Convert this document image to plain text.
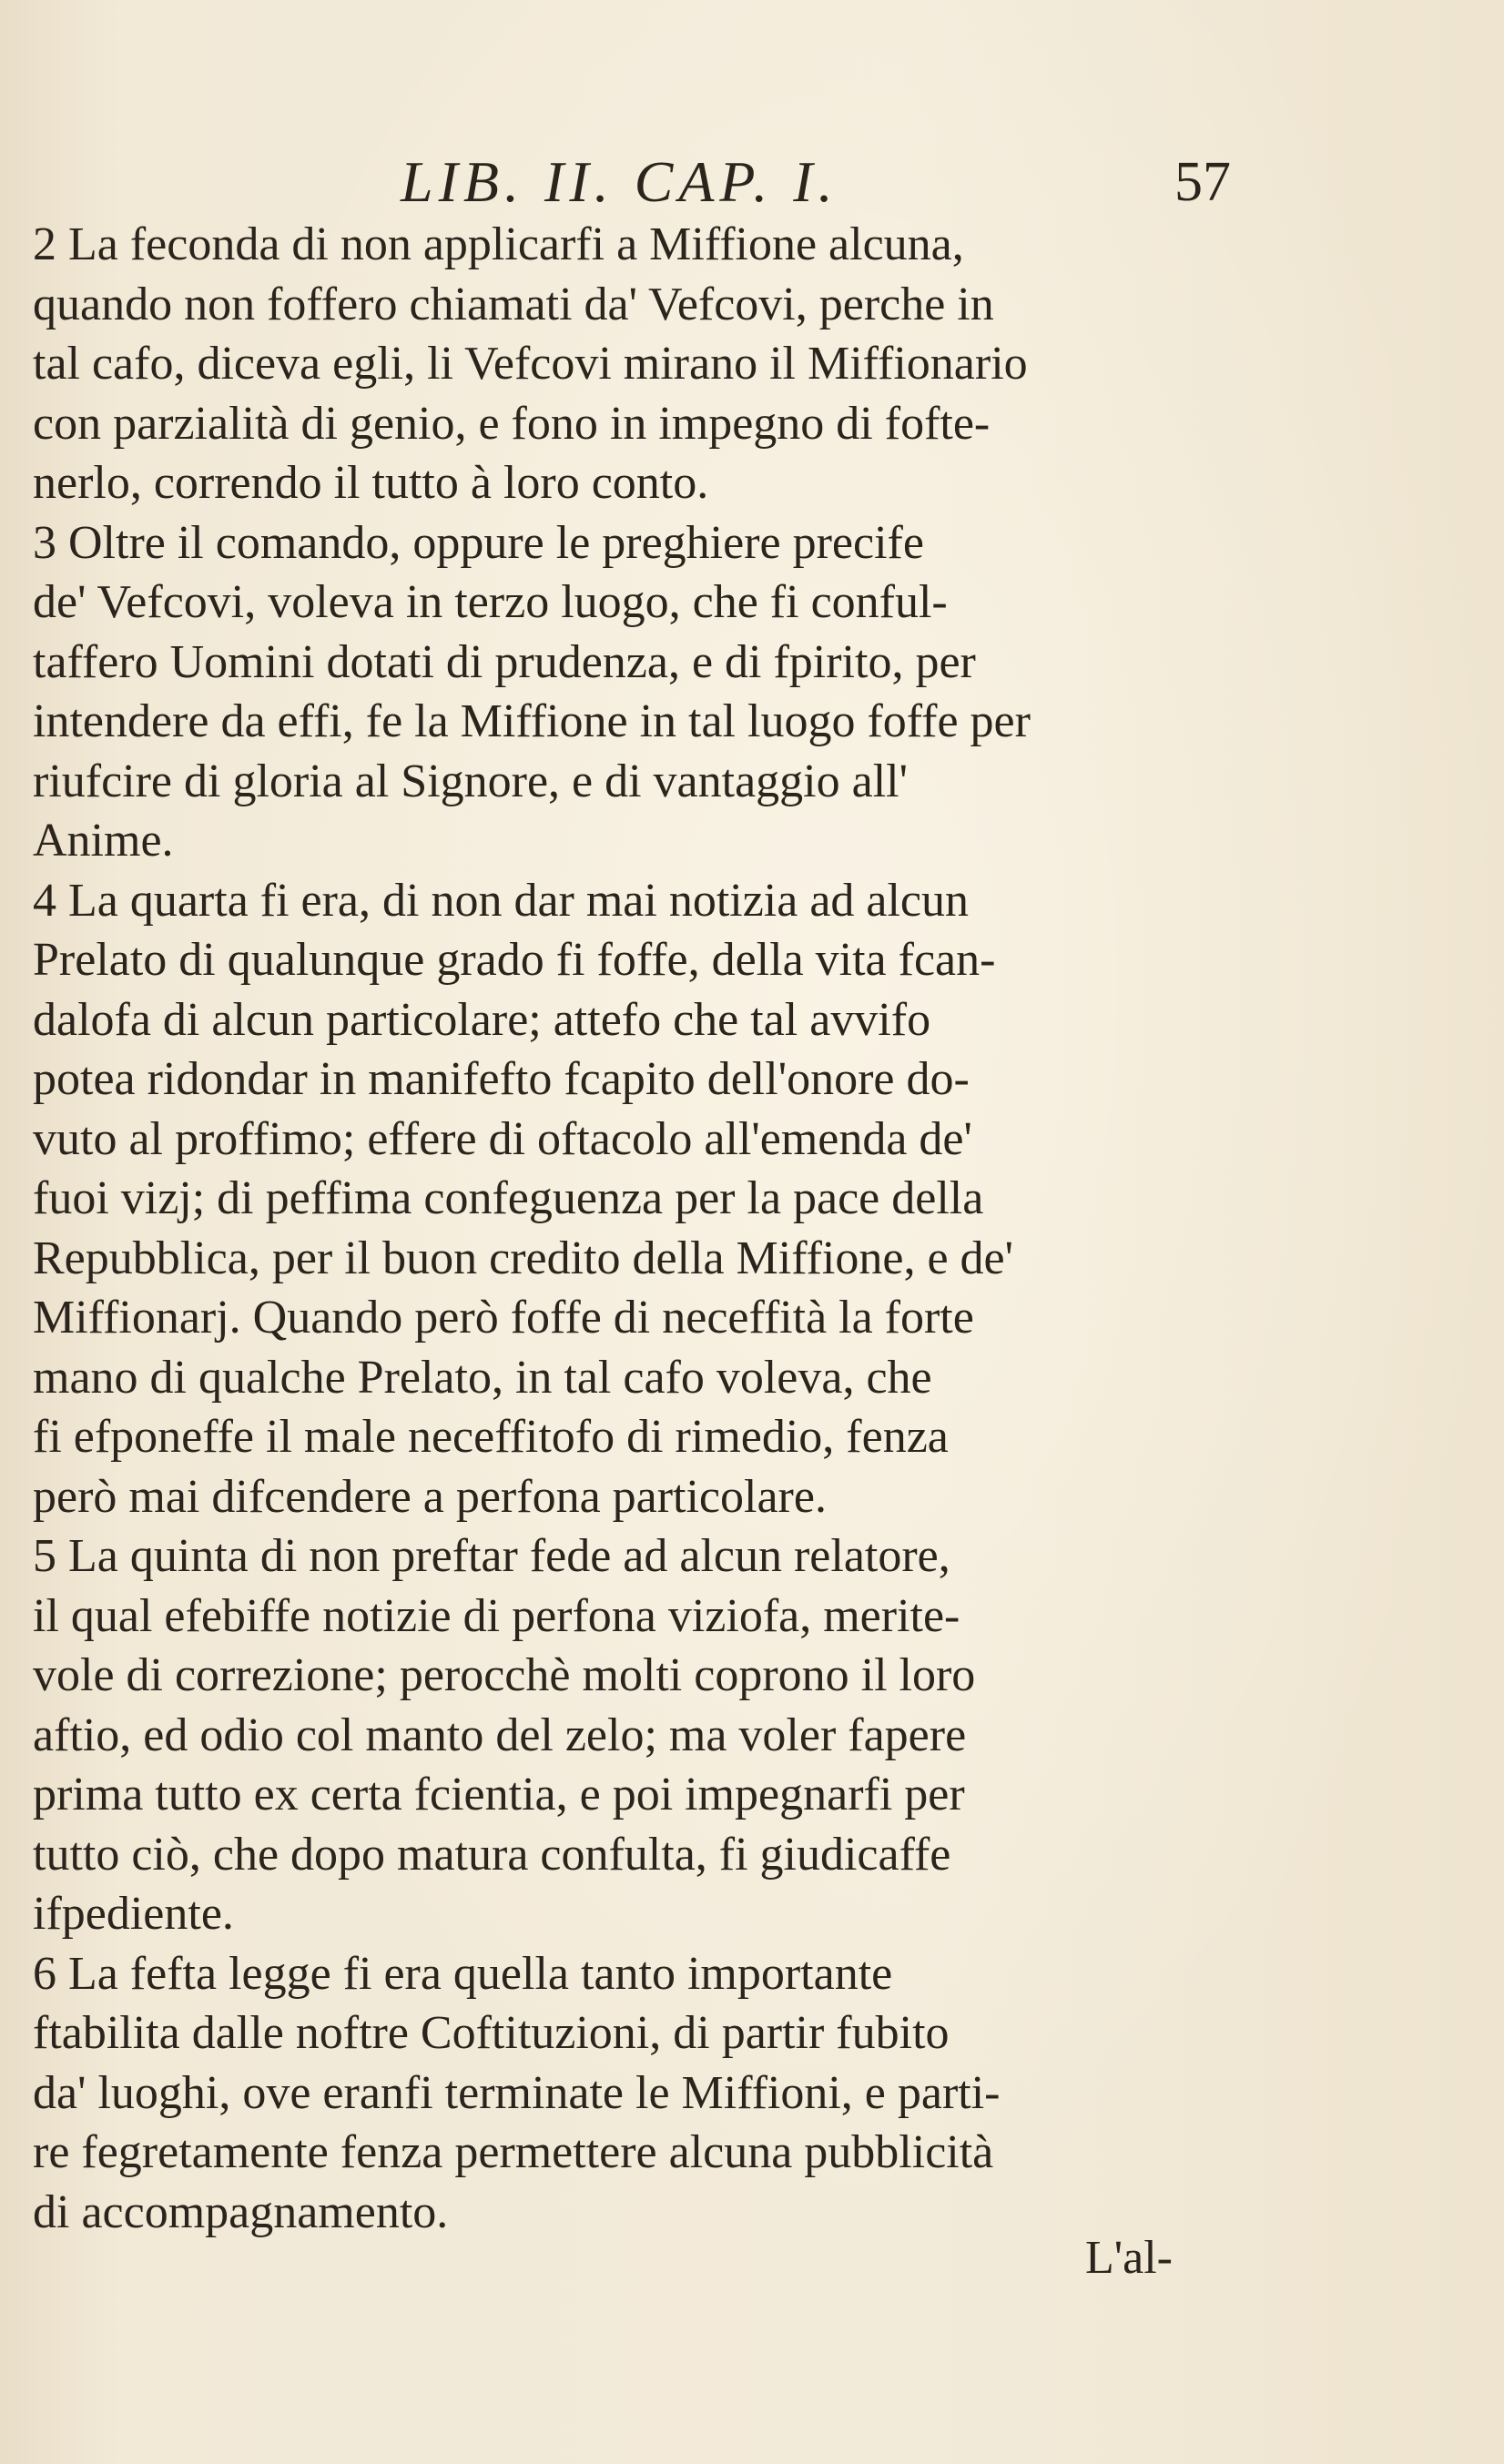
LIB. II. CAP. I.	57
2 La feconda di non applicarfi a Miffione alcuna,
quando non foffero chiamati da' Vefcovi, perche in
tal cafo, diceva egli, li Vefcovi mirano il Miffionario
con parzialità di genio, e fono in impegno di fofte-
nerlo, correndo il tutto à loro conto.
3 Oltre il comando, oppure le preghiere precife
de' Vefcovi, voleva in terzo luogo, che fi conful-
taffero Uomini dotati di prudenza, e di fpirito, per
intendere da effi, fe la Miffione in tal luogo foffe per
riufcire di gloria al Signore, e di vantaggio all'
Anime.
4 La quarta fi era, di non dar mai notizia ad alcun
Prelato di qualunque grado fi foffe, della vita fcan-
dalofa di alcun particolare; attefo che tal avvifo
potea ridondar in manifefto fcapito dell'onore do-
vuto al proffimo; effere di oftacolo all'emenda de'
fuoi vizj; di peffima confeguenza per la pace della
Repubblica, per il buon credito della Miffione, e de'
Miffionarj. Quando però foffe di neceffità la forte
mano di qualche Prelato, in tal cafo voleva, che
fi efponeffe il male neceffitofo di rimedio, fenza
però mai difcendere a perfona particolare.
5 La quinta di non preftar fede ad alcun relatore,
il qual efebiffe notizie di perfona viziofa, merite-
vole di correzione; perocchè molti coprono il loro
aftio, ed odio col manto del zelo; ma voler fapere
prima tutto ex certa fcientia, e poi impegnarfi per
tutto ciò, che dopo matura confulta, fi giudicaffe
ifpediente.
6 La fefta legge fi era quella tanto importante
ftabilita dalle noftre Coftituzioni, di partir fubito
da' luoghi, ove eranfi terminate le Miffioni, e parti-
re fegretamente fenza permettere alcuna pubblicità
di accompagnamento.
L'al-
